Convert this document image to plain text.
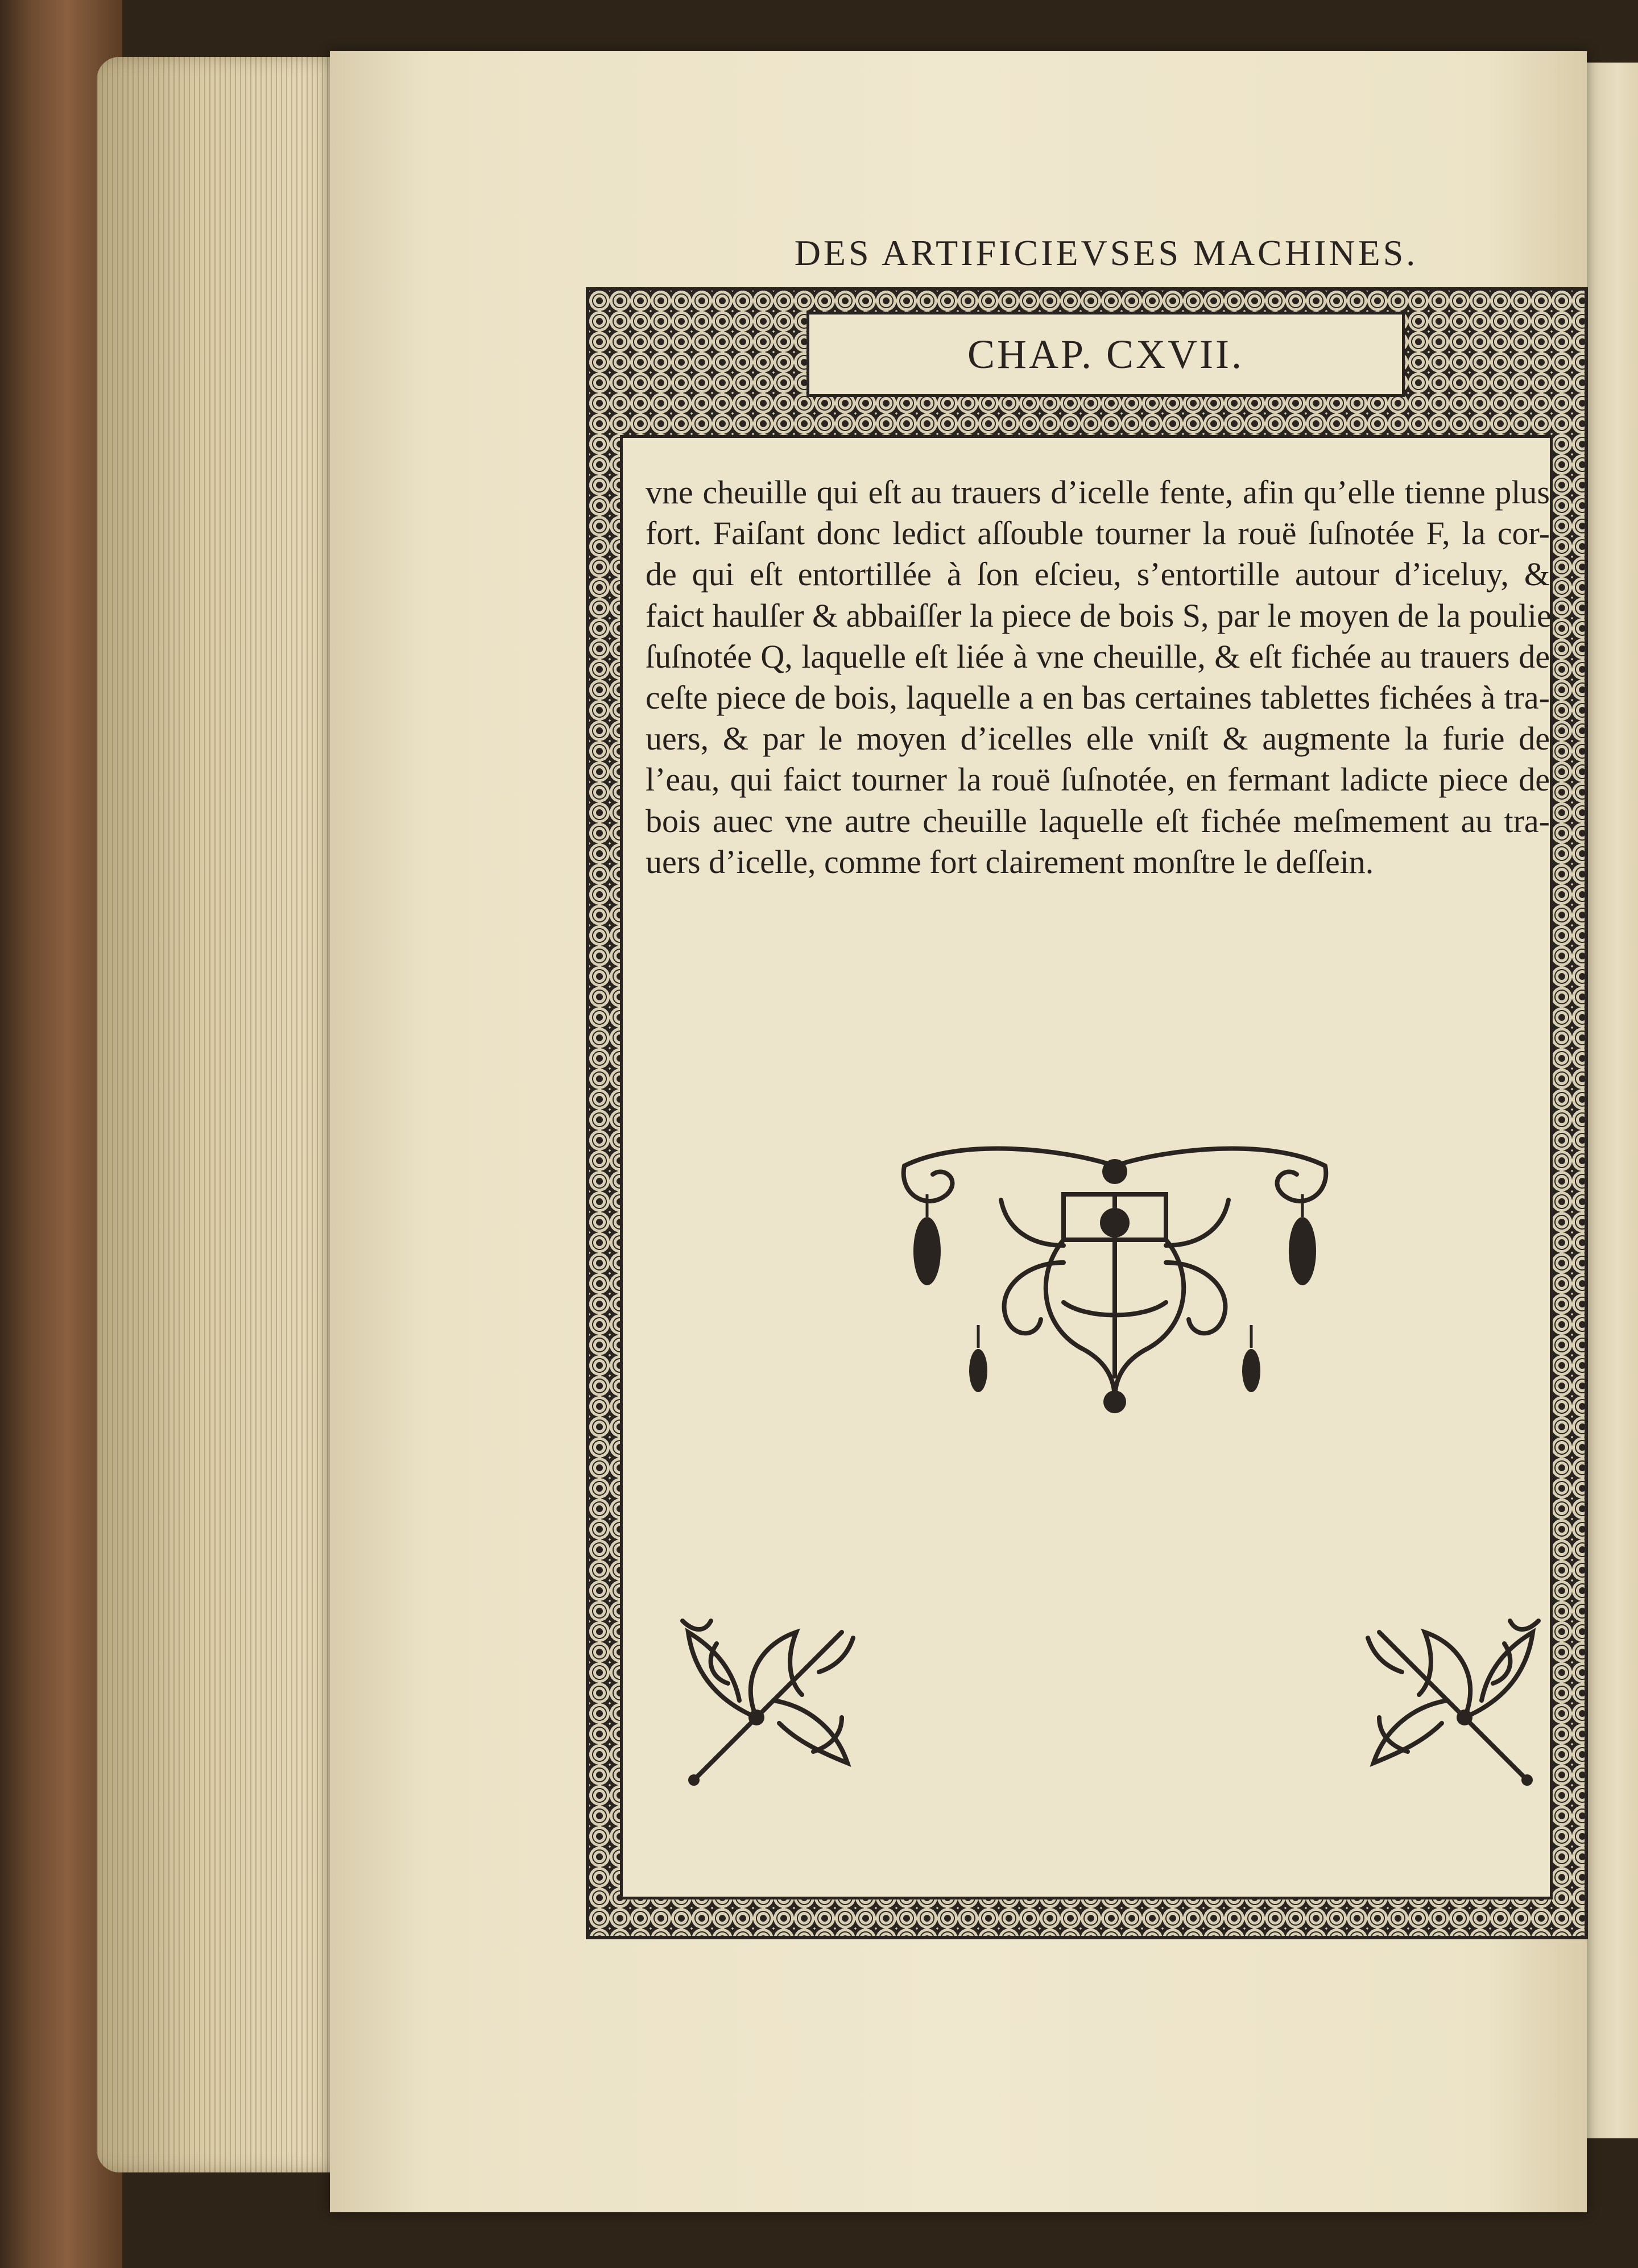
DES ARTIFICIEVSES MACHINES.
CHAP. CXVII.
vne cheuille qui eſt au trauers d’icelle fente, afin qu’elle tienne plus
fort. Faiſant donc ledict aſſouble tourner la rouë ſuſnotée F, la cor-
de qui eſt entortillée à ſon eſcieu, s’entortille autour d’iceluy, &
faict haulſer & abbaiſſer la piece de bois S, par le moyen de la poulie
ſuſnotée Q, laquelle eſt liée à vne cheuille, & eſt fichée au trauers de
ceſte piece de bois, laquelle a en bas certaines tablettes fichées à tra-
uers, & par le moyen d’icelles elle vniſt & augmente la furie de
l’eau, qui faict tourner la rouë ſuſnotée, en fermant ladicte piece de
bois auec vne autre cheuille laquelle eſt fichée meſmement au tra-
uers d’icelle, comme fort clairement monſtre le deſſein.
